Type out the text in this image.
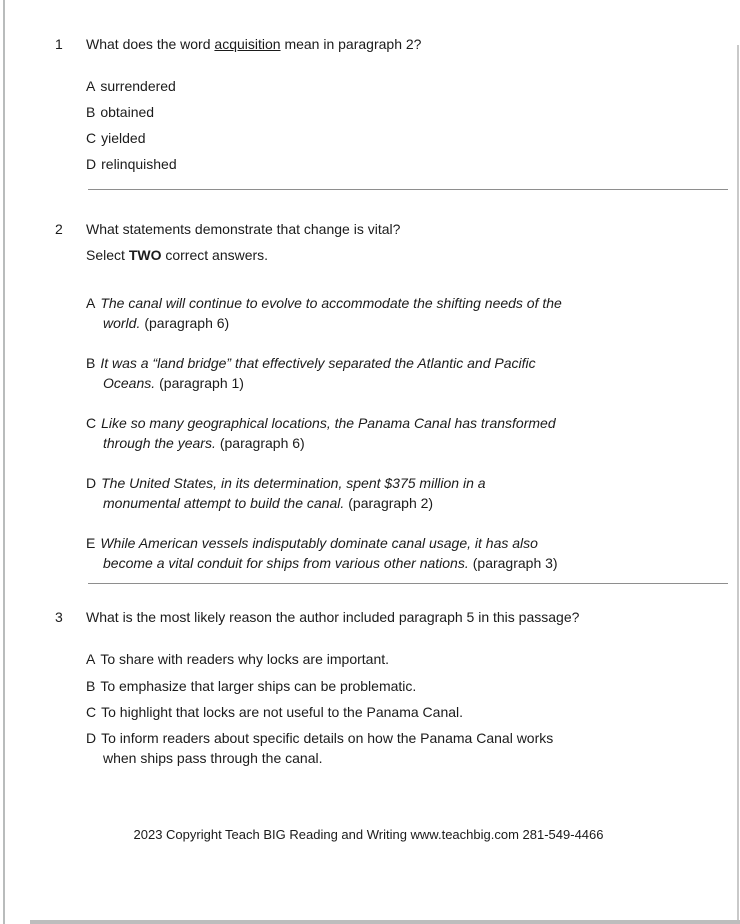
1 What does the word acquisition mean in paragraph 2?
A surrendered
B obtained
C yielded
D relinquished
2 What statements demonstrate that change is vital?
Select TWO correct answers.
A The canal will continue to evolve to accommodate the shifting needs of the
world. (paragraph 6)
B It was a “land bridge” that effectively separated the Atlantic and Pacific
Oceans. (paragraph 1)
C Like so many geographical locations, the Panama Canal has transformed
through the years. (paragraph 6)
D The United States, in its determination, spent $375 million in a
monumental attempt to build the canal. (paragraph 2)
E While American vessels indisputably dominate canal usage, it has also
become a vital conduit for ships from various other nations. (paragraph 3)
3 What is the most likely reason the author included paragraph 5 in this passage?
A To share with readers why locks are important.
B To emphasize that larger ships can be problematic.
C To highlight that locks are not useful to the Panama Canal.
D To inform readers about specific details on how the Panama Canal works
when ships pass through the canal.
2023 Copyright Teach BIG Reading and Writing www.teachbig.com 281-549-4466
